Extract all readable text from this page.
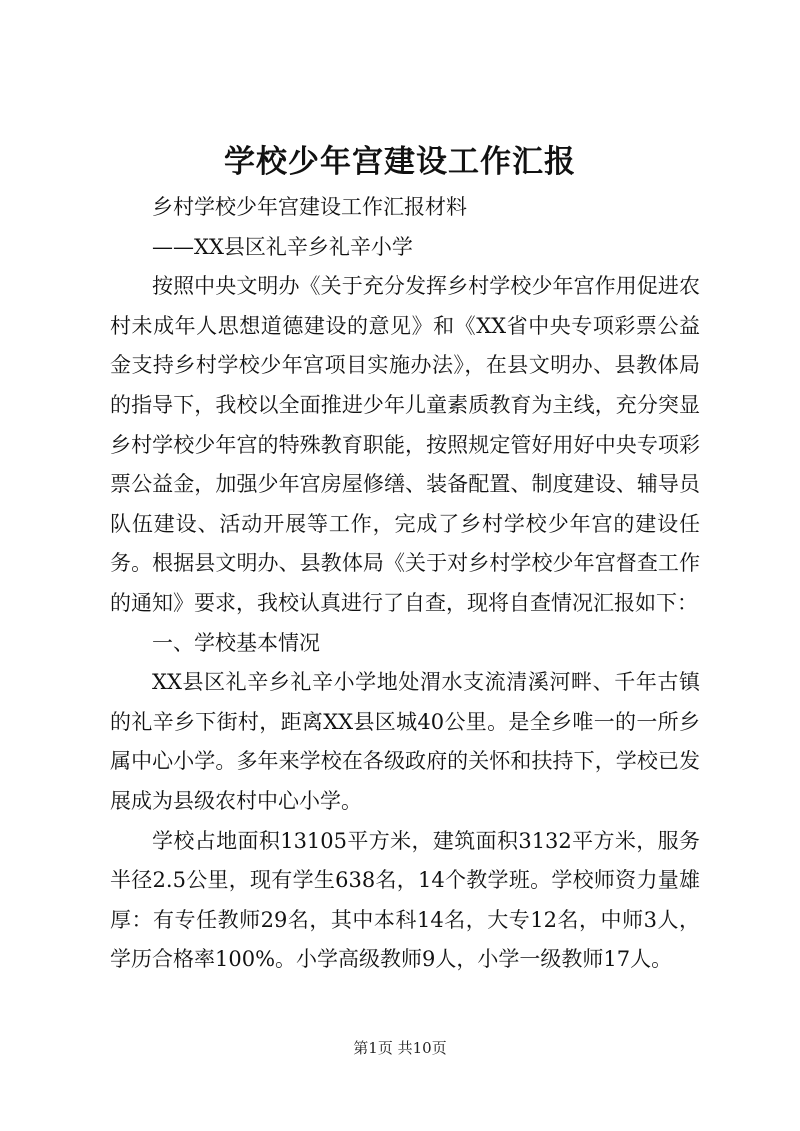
学校少年宫建设工作汇报

乡村学校少年宫建设工作汇报材料

——XX县区礼辛乡礼辛小学

按照中央文明办《关于充分发挥乡村学校少年宫作用促进农村未成年人思想道德建设的意见》和《XX省中央专项彩票公益金支持乡村学校少年宫项目实施办法》，在县文明办、县教体局的指导下，我校以全面推进少年儿童素质教育为主线，充分突显乡村学校少年宫的特殊教育职能，按照规定管好用好中央专项彩票公益金，加强少年宫房屋修缮、装备配置、制度建设、辅导员队伍建设、活动开展等工作，完成了乡村学校少年宫的建设任务。根据县文明办、县教体局《关于对乡村学校少年宫督查工作的通知》要求，我校认真进行了自查，现将自查情况汇报如下：

一、学校基本情况

XX县区礼辛乡礼辛小学地处渭水支流清溪河畔、千年古镇的礼辛乡下街村，距离XX县区城40公里。是全乡唯一的一所乡属中心小学。多年来学校在各级政府的关怀和扶持下，学校已发展成为县级农村中心小学。

学校占地面积13105平方米，建筑面积3132平方米，服务半径2.5公里，现有学生638名，14个教学班。学校师资力量雄厚：有专任教师29名，其中本科14名，大专12名，中师3人，学历合格率100%。小学高级教师9人，小学一级教师17人。

第1页 共10页
